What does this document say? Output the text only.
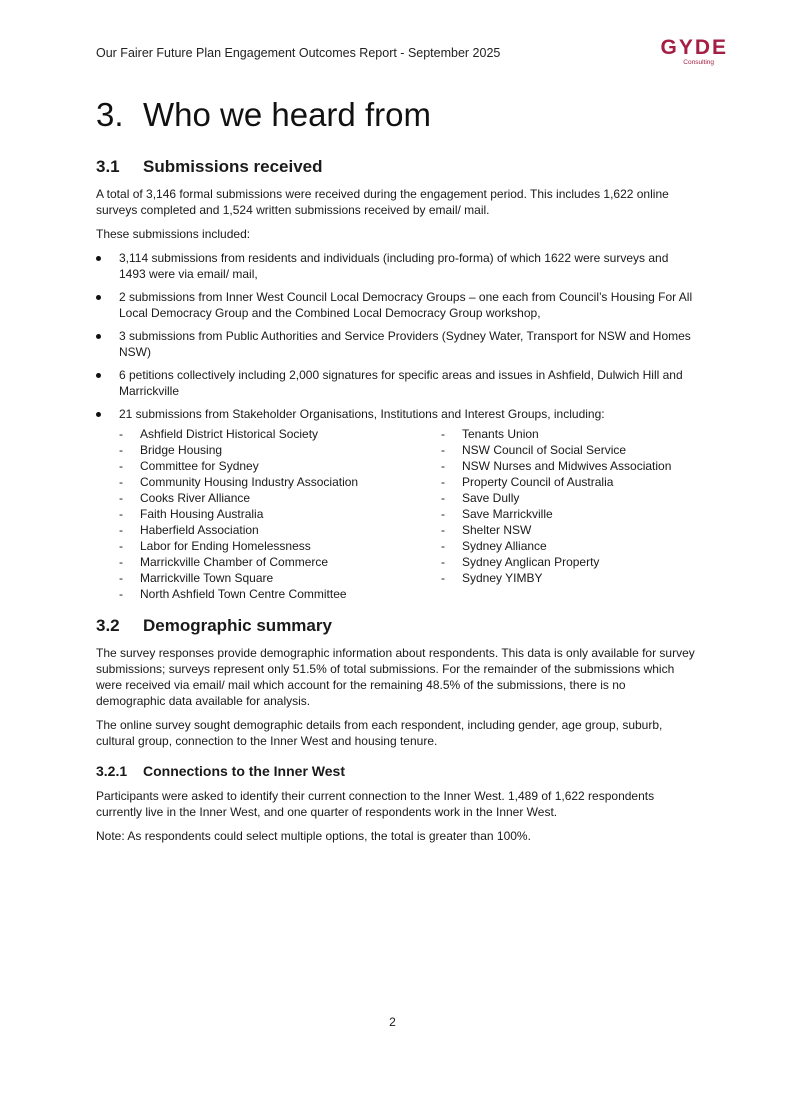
Our Fairer Future Plan Engagement Outcomes Report - September 2025	GYDE
Consulting
3. Who we heard from
3.1 Submissions received

A total of 3,146 formal submissions were received during the engagement period. This includes 1,622 online surveys completed and 1,524 written submissions received by email/ mail.

These submissions included:

3,114 submissions from residents and individuals (including pro-forma) of which 1622 were surveys and 1493 were via email/ mail,
2 submissions from Inner West Council Local Democracy Groups – one each from Council’s Housing For All Local Democracy Group and the Combined Local Democracy Group workshop,
3 submissions from Public Authorities and Service Providers (Sydney Water, Transport for NSW and Homes NSW)
6 petitions collectively including 2,000 signatures for specific areas and issues in Ashfield, Dulwich Hill and Marrickville
21 submissions from Stakeholder Organisations, Institutions and Interest Groups, including:
- Ashfield District Historical Society
- Bridge Housing
- Committee for Sydney
- Community Housing Industry Association
- Cooks River Alliance
- Faith Housing Australia
- Haberfield Association
- Labor for Ending Homelessness
- Marrickville Chamber of Commerce
- Marrickville Town Square
- North Ashfield Town Centre Committee
- Tenants Union
- NSW Council of Social Service
- NSW Nurses and Midwives Association
- Property Council of Australia
- Save Dully
- Save Marrickville
- Shelter NSW
- Sydney Alliance
- Sydney Anglican Property
- Sydney YIMBY
3.2 Demographic summary

The survey responses provide demographic information about respondents. This data is only available for survey submissions; surveys represent only 51.5% of total submissions. For the remainder of the submissions which were received via email/ mail which account for the remaining 48.5% of the submissions, there is no demographic data available for analysis.

The online survey sought demographic details from each respondent, including gender, age group, suburb, cultural group, connection to the Inner West and housing tenure.

3.2.1 Connections to the Inner West

Participants were asked to identify their current connection to the Inner West. 1,489 of 1,622 respondents currently live in the Inner West, and one quarter of respondents work in the Inner West.

Note: As respondents could select multiple options, the total is greater than 100%.

2
